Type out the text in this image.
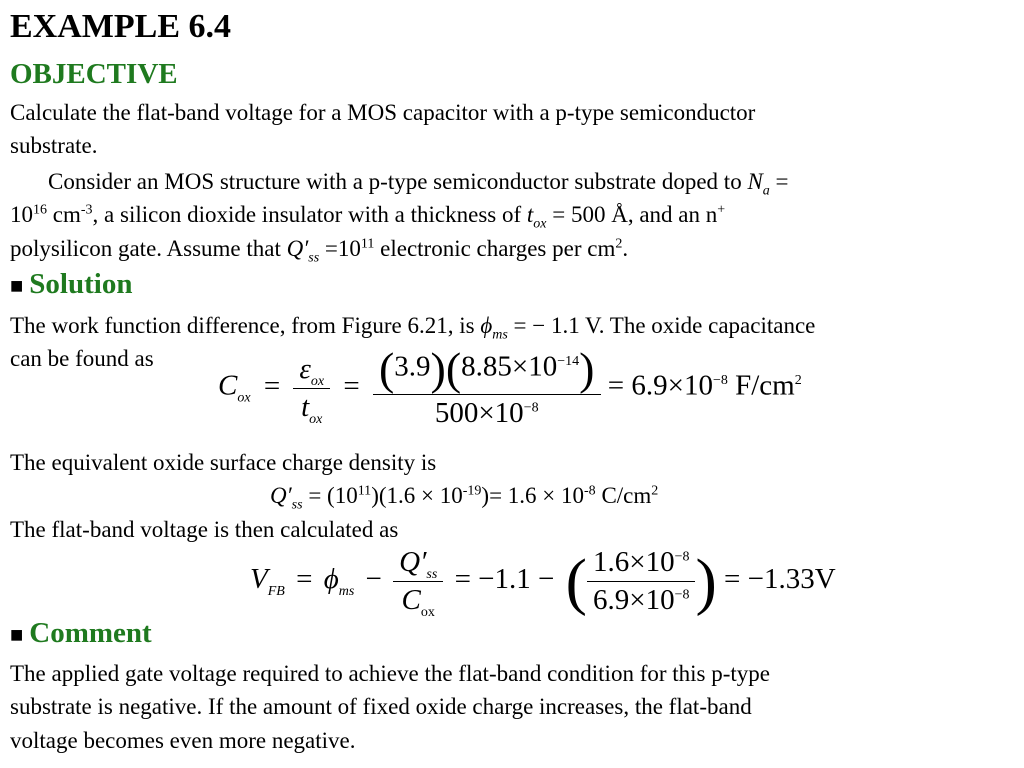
EXAMPLE 6.4
OBJECTIVE
Calculate the flat-band voltage for a MOS capacitor with a p-type semiconductor
substrate.
Consider an MOS structure with a p-type semiconductor substrate doped to $N_a$ =
$10^{16}$ $cm^{-3}$, a silicon dioxide insulator with a thickness of $t_{ox} = 500$ Å, and an n+
polysilicon gate. Assume that $Q'_{ss} =10^{11}$ electronic charges per $cm^2$.
■ Solution
The work function difference, from Figure 6.21, is $\phi_{ms}$ = − 1.1 V. The oxide capacitance
can be found as
$C_{ox} = \frac{\varepsilon_{ox}}{t_{ox}} = \frac{(3.9)(8.85\times 10^{-14})}{500\times 10^{-8}} = 6.9\times 10^{-8}$ $F/cm^2$
The equivalent oxide surface charge density is
$Q'_{ss} = (10^{11})(1.6 \times 10^{-19})= 1.6 \times 10^{-8}$ $C/cm^2$
The flat-band voltage is then calculated as
$V_{FB} = \phi_{ms} - \frac{Q'_{ss}}{C_{ox}} = -1.1$ − ( $\frac{1.6\times 10^{-8}}{6.9\times 10^{-8}}$ ) = −1.33V
■ Comment
The applied gate voltage required to achieve the flat-band condition for this p-type
substrate is negative. If the amount of fixed oxide charge increases, the flat-band
voltage becomes even more negative.
